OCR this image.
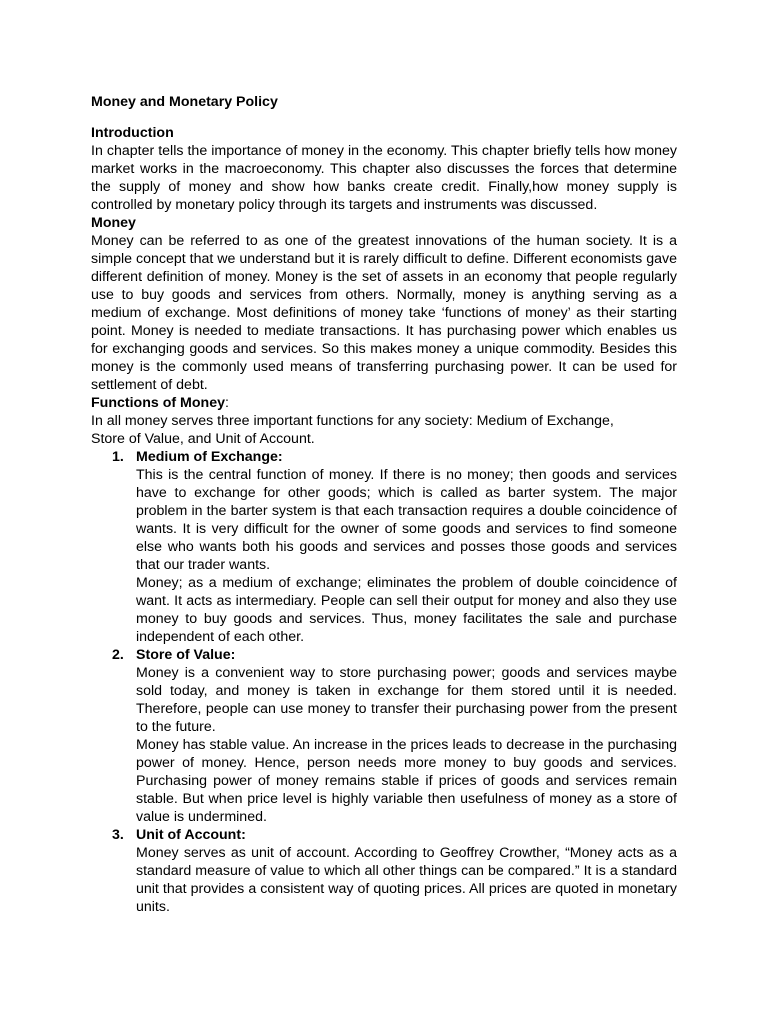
Money and Monetary Policy

Introduction

In chapter tells the importance of money in the economy. This chapter briefly tells how money market works in the macroeconomy. This chapter also discusses the forces that determine the supply of money and show how banks create credit. Finally,how money supply is controlled by monetary policy through its targets and instruments was discussed.

Money

Money can be referred to as one of the greatest innovations of the human society. It is a simple concept that we understand but it is rarely difficult to define. Different economists gave different definition of money. Money is the set of assets in an economy that people regularly use to buy goods and services from others. Normally, money is anything serving as a medium of exchange. Most definitions of money take ‘functions of money’ as their starting point. Money is needed to mediate transactions. It has purchasing power which enables us for exchanging goods and services. So this makes money a unique commodity. Besides this money is the commonly used means of transferring purchasing power. It can be used for settlement of debt.

Functions of Money:

In all money serves three important functions for any society: Medium of Exchange, Store of Value, and Unit of Account.

1. Medium of Exchange:

This is the central function of money. If there is no money; then goods and services have to exchange for other goods; which is called as barter system. The major problem in the barter system is that each transaction requires a double coincidence of wants. It is very difficult for the owner of some goods and services to find someone else who wants both his goods and services and posses those goods and services that our trader wants.

Money; as a medium of exchange; eliminates the problem of double coincidence of want. It acts as intermediary. People can sell their output for money and also they use money to buy goods and services. Thus, money facilitates the sale and purchase independent of each other.

2. Store of Value:

Money is a convenient way to store purchasing power; goods and services maybe sold today, and money is taken in exchange for them stored until it is needed. Therefore, people can use money to transfer their purchasing power from the present to the future.

Money has stable value. An increase in the prices leads to decrease in the purchasing power of money. Hence, person needs more money to buy goods and services. Purchasing power of money remains stable if prices of goods and services remain stable. But when price level is highly variable then usefulness of money as a store of value is undermined.

3. Unit of Account:

Money serves as unit of account. According to Geoffrey Crowther, “Money acts as a standard measure of value to which all other things can be compared.” It is a standard unit that provides a consistent way of quoting prices. All prices are quoted in monetary units.
